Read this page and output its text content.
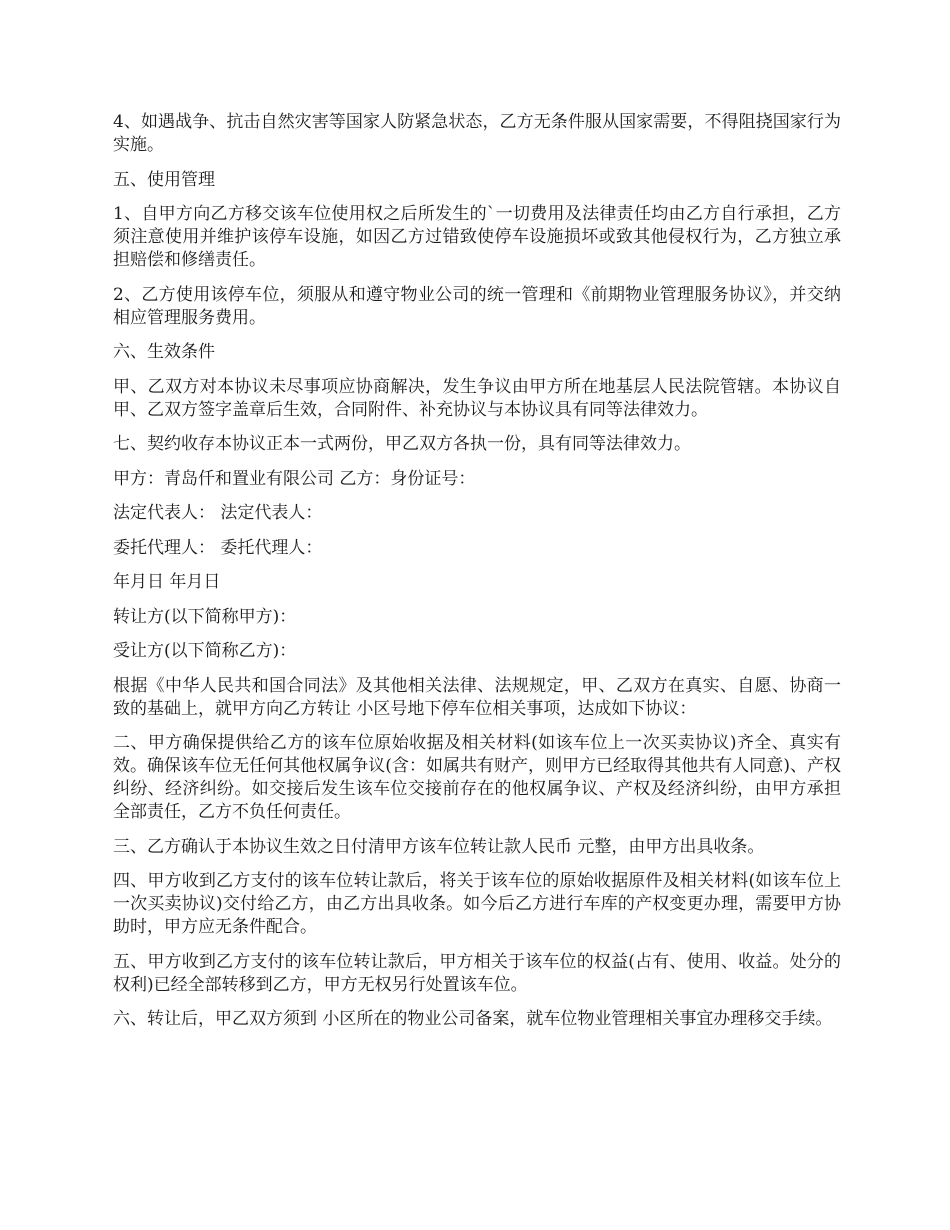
4、如遇战争、抗击自然灾害等国家人防紧急状态，乙方无条件服从国家需要，不得阻挠国家行为实施。

五、使用管理

1、自甲方向乙方移交该车位使用权之后所发生的`一切费用及法律责任均由乙方自行承担，乙方须注意使用并维护该停车设施，如因乙方过错致使停车设施损坏或致其他侵权行为，乙方独立承担赔偿和修缮责任。

2、乙方使用该停车位，须服从和遵守物业公司的统一管理和《前期物业管理服务协议》，并交纳相应管理服务费用。

六、生效条件

甲、乙双方对本协议未尽事项应协商解决，发生争议由甲方所在地基层人民法院管辖。本协议自甲、乙双方签字盖章后生效，合同附件、补充协议与本协议具有同等法律效力。

七、契约收存本协议正本一式两份，甲乙双方各执一份，具有同等法律效力。

甲方：青岛仟和置业有限公司 乙方：身份证号：

法定代表人： 法定代表人：

委托代理人： 委托代理人：

年月日 年月日

转让方(以下简称甲方)：

受让方(以下简称乙方)：

根据《中华人民共和国合同法》及其他相关法律、法规规定，甲、乙双方在真实、自愿、协商一致的基础上，就甲方向乙方转让 小区号地下停车位相关事项，达成如下协议：

二、甲方确保提供给乙方的该车位原始收据及相关材料(如该车位上一次买卖协议)齐全、真实有效。确保该车位无任何其他权属争议(含：如属共有财产，则甲方已经取得其他共有人同意)、产权纠纷、经济纠纷。如交接后发生该车位交接前存在的他权属争议、产权及经济纠纷，由甲方承担全部责任，乙方不负任何责任。

三、乙方确认于本协议生效之日付清甲方该车位转让款人民币 元整，由甲方出具收条。

四、甲方收到乙方支付的该车位转让款后，将关于该车位的原始收据原件及相关材料(如该车位上一次买卖协议)交付给乙方，由乙方出具收条。如今后乙方进行车库的产权变更办理，需要甲方协助时，甲方应无条件配合。

五、甲方收到乙方支付的该车位转让款后，甲方相关于该车位的权益(占有、使用、收益。处分的权利)已经全部转移到乙方，甲方无权另行处置该车位。

六、转让后，甲乙双方须到 小区所在的物业公司备案，就车位物业管理相关事宜办理移交手续。
